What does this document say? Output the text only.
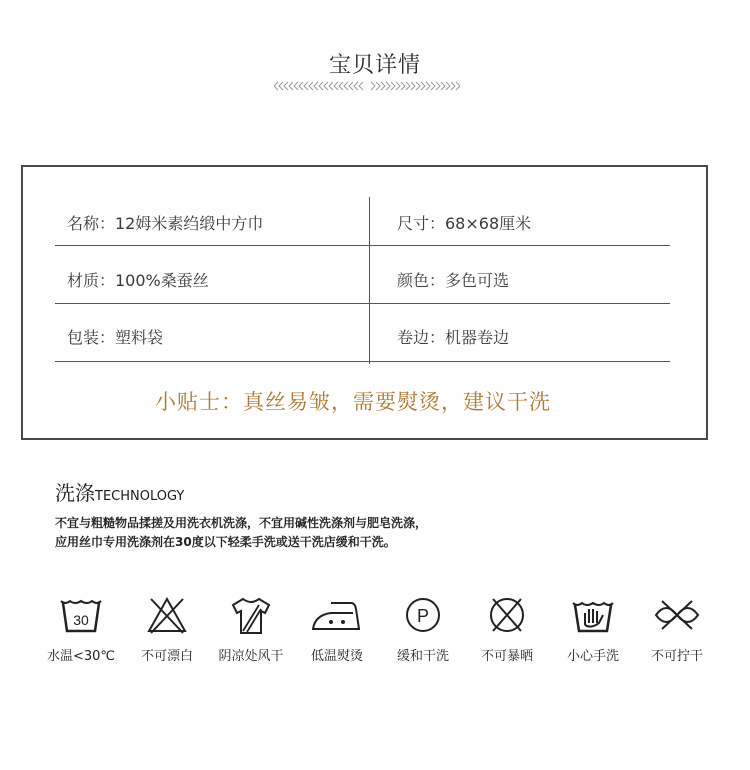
宝贝详情
名称：12姆米素绉缎中方巾	尺寸：68×68厘米
材质：100%桑蚕丝	颜色：多色可选
包装：塑料袋	卷边：机器卷边
小贴士：真丝易皱，需要熨烫，建议干洗
洗涤TECHNOLOGY
不宜与粗糙物品揉搓及用洗衣机洗涤，不宜用碱性洗涤剂与肥皂洗涤，
应用丝巾专用洗涤剂在30度以下轻柔手洗或送干洗店缓和干洗。
30
水温<30℃	不可漂白	阴凉处风干	低温熨烫
P
缓和干洗	不可暴晒	小心手洗	不可拧干
